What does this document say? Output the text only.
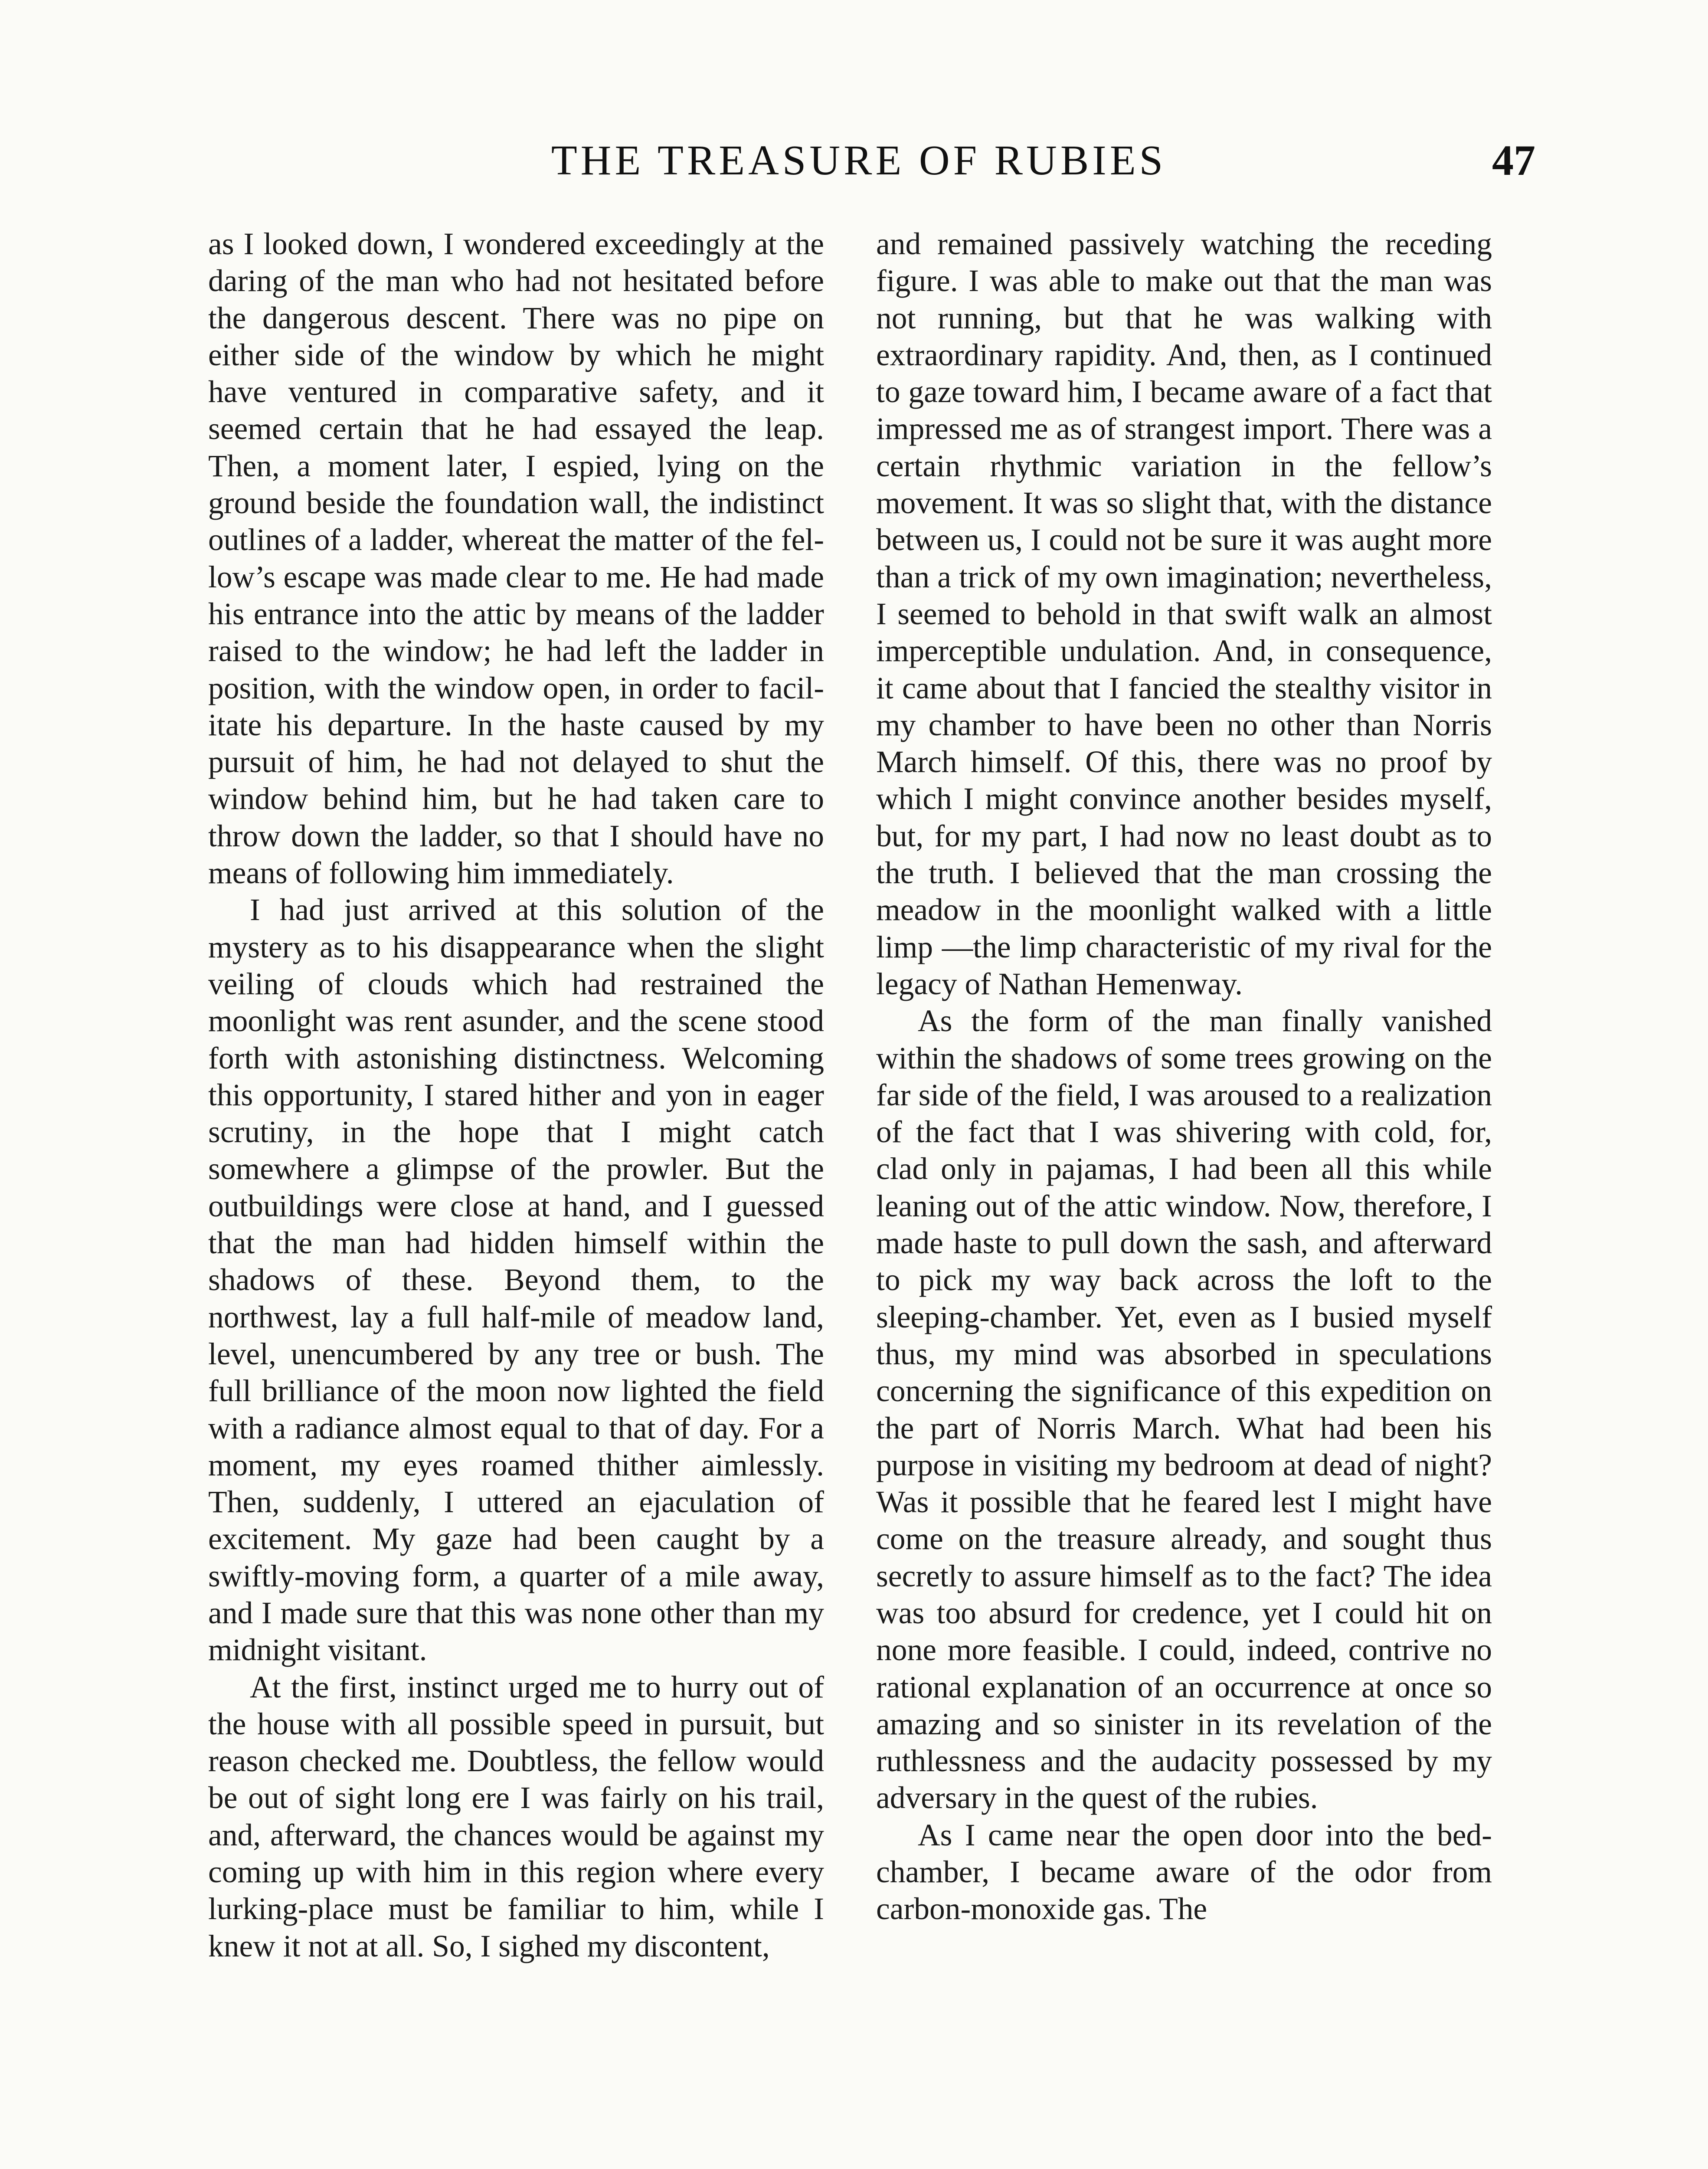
THE TREASURE OF RUBIES	47

as I looked down, I wondered exceedingly at the daring of the man who had not hesitated before the dangerous descent. There was no pipe on either side of the window by which he might have ventured in comparative safety, and it seemed certain that he had essayed the leap. Then, a moment later, I espied, lying on the ground beside the foundation wall, the indistinct outlines of a ladder, whereat the matter of the fellow’s escape was made clear to me. He had made his entrance into the attic by means of the ladder raised to the window; he had left the ladder in position, with the window open, in order to facilitate his departure. In the haste caused by my pursuit of him, he had not delayed to shut the window behind him, but he had taken care to throw down the ladder, so that I should have no means of following him immediately.

I had just arrived at this solution of the mystery as to his disappearance when the slight veiling of clouds which had restrained the moonlight was rent asunder, and the scene stood forth with astonishing distinctness. Welcoming this opportunity, I stared hither and yon in eager scrutiny, in the hope that I might catch somewhere a glimpse of the prowler. But the outbuildings were close at hand, and I guessed that the man had hidden himself within the shadows of these. Beyond them, to the northwest, lay a full half-mile of meadow land, level, unencumbered by any tree or bush. The full brilliance of the moon now lighted the field with a radiance almost equal to that of day. For a moment, my eyes roamed thither aimlessly. Then, suddenly, I uttered an ejaculation of excitement. My gaze had been caught by a swiftly-moving form, a quarter of a mile away, and I made sure that this was none other than my midnight visitant.

At the first, instinct urged me to hurry out of the house with all possible speed in pursuit, but reason checked me. Doubtless, the fellow would be out of sight long ere I was fairly on his trail, and, afterward, the chances would be against my coming up with him in this region where every lurking-place must be familiar to him, while I knew it not at all. So, I sighed my discontent,

and remained passively watching the receding figure. I was able to make out that the man was not running, but that he was walking with extraordinary rapidity. And, then, as I continued to gaze toward him, I became aware of a fact that impressed me as of strangest import. There was a certain rhythmic variation in the fellow’s movement. It was so slight that, with the distance between us, I could not be sure it was aught more than a trick of my own imagination; nevertheless, I seemed to behold in that swift walk an almost imperceptible undulation. And, in consequence, it came about that I fancied the stealthy visitor in my chamber to have been no other than Norris March himself. Of this, there was no proof by which I might convince another besides myself, but, for my part, I had now no least doubt as to the truth. I believed that the man crossing the meadow in the moonlight walked with a little limp —the limp characteristic of my rival for the legacy of Nathan Hemenway.

As the form of the man finally vanished within the shadows of some trees growing on the far side of the field, I was aroused to a realization of the fact that I was shivering with cold, for, clad only in pajamas, I had been all this while leaning out of the attic window. Now, therefore, I made haste to pull down the sash, and afterward to pick my way back across the loft to the sleeping-chamber. Yet, even as I busied myself thus, my mind was absorbed in speculations concerning the significance of this expedition on the part of Norris March. What had been his purpose in visiting my bedroom at dead of night? Was it possible that he feared lest I might have come on the treasure already, and sought thus secretly to assure himself as to the fact? The idea was too absurd for credence, yet I could hit on none more feasible. I could, indeed, contrive no rational explanation of an occurrence at once so amazing and so sinister in its revelation of the ruthlessness and the audacity possessed by my adversary in the quest of the rubies.

As I came near the open door into the bed-chamber, I became aware of the odor from carbon-monoxide gas. The
